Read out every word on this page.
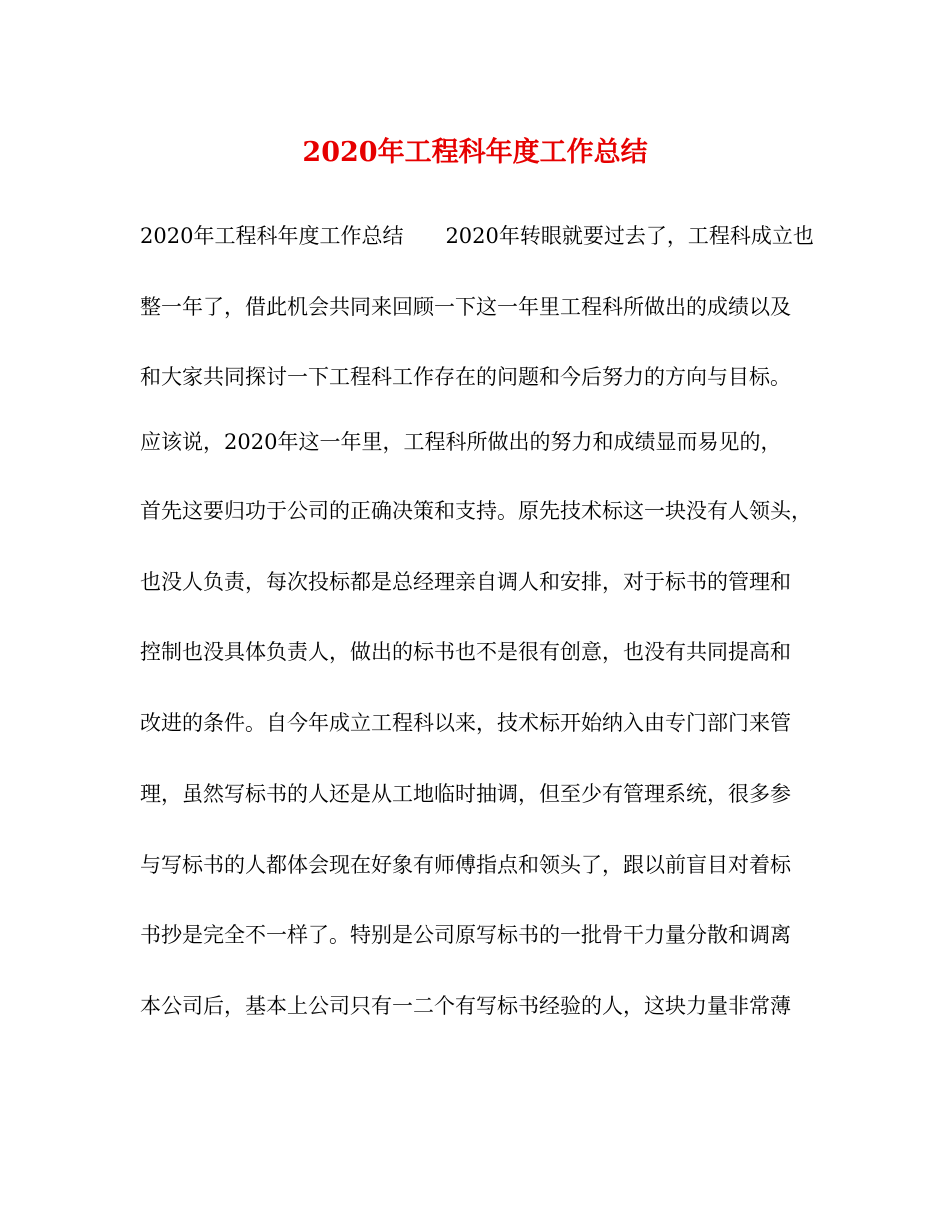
2020年工程科年度工作总结
2020年工程科年度工作总结　　2020年转眼就要过去了，工程科成立也
整一年了，借此机会共同来回顾一下这一年里工程科所做出的成绩以及
和大家共同探讨一下工程科工作存在的问题和今后努力的方向与目标。
应该说，2020年这一年里，工程科所做出的努力和成绩显而易见的，
首先这要归功于公司的正确决策和支持。原先技术标这一块没有人领头，
也没人负责，每次投标都是总经理亲自调人和安排，对于标书的管理和
控制也没具体负责人，做出的标书也不是很有创意，也没有共同提高和
改进的条件。自今年成立工程科以来，技术标开始纳入由专门部门来管
理，虽然写标书的人还是从工地临时抽调，但至少有管理系统，很多参
与写标书的人都体会现在好象有师傅指点和领头了，跟以前盲目对着标
书抄是完全不一样了。特别是公司原写标书的一批骨干力量分散和调离
本公司后，基本上公司只有一二个有写标书经验的人，这块力量非常薄
